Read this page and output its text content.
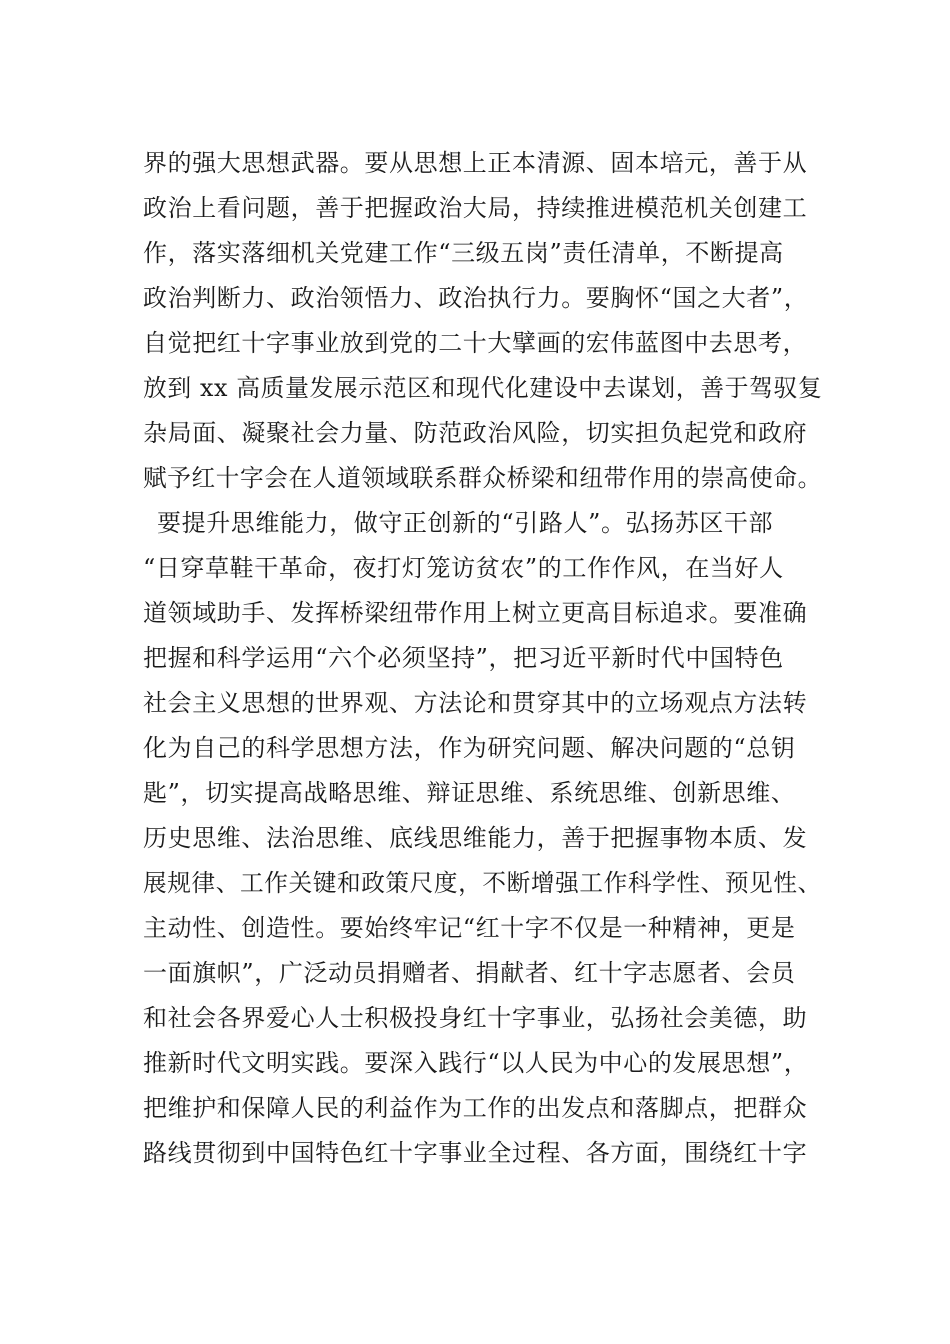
界的强大思想武器。要从思想上正本清源、固本培元，善于从
政治上看问题，善于把握政治大局，持续推进模范机关创建工
作，落实落细机关党建工作“三级五岗”责任清单，不断提高
政治判断力、政治领悟力、政治执行力。要胸怀“国之大者”，
自觉把红十字事业放到党的二十大擘画的宏伟蓝图中去思考，
放到 xx 高质量发展示范区和现代化建设中去谋划，善于驾驭复
杂局面、凝聚社会力量、防范政治风险，切实担负起党和政府
赋予红十字会在人道领域联系群众桥梁和纽带作用的崇高使命。
要提升思维能力，做守正创新的“引路人”。弘扬苏区干部
“日穿草鞋干革命，夜打灯笼访贫农”的工作作风，在当好人
道领域助手、发挥桥梁纽带作用上树立更高目标追求。要准确
把握和科学运用“六个必须坚持”，把习近平新时代中国特色
社会主义思想的世界观、方法论和贯穿其中的立场观点方法转
化为自己的科学思想方法，作为研究问题、解决问题的“总钥
匙”，切实提高战略思维、辩证思维、系统思维、创新思维、
历史思维、法治思维、底线思维能力，善于把握事物本质、发
展规律、工作关键和政策尺度，不断增强工作科学性、预见性、
主动性、创造性。要始终牢记“红十字不仅是一种精神，更是
一面旗帜”，广泛动员捐赠者、捐献者、红十字志愿者、会员
和社会各界爱心人士积极投身红十字事业，弘扬社会美德，助
推新时代文明实践。要深入践行“以人民为中心的发展思想”，
把维护和保障人民的利益作为工作的出发点和落脚点，把群众
路线贯彻到中国特色红十字事业全过程、各方面，围绕红十字
